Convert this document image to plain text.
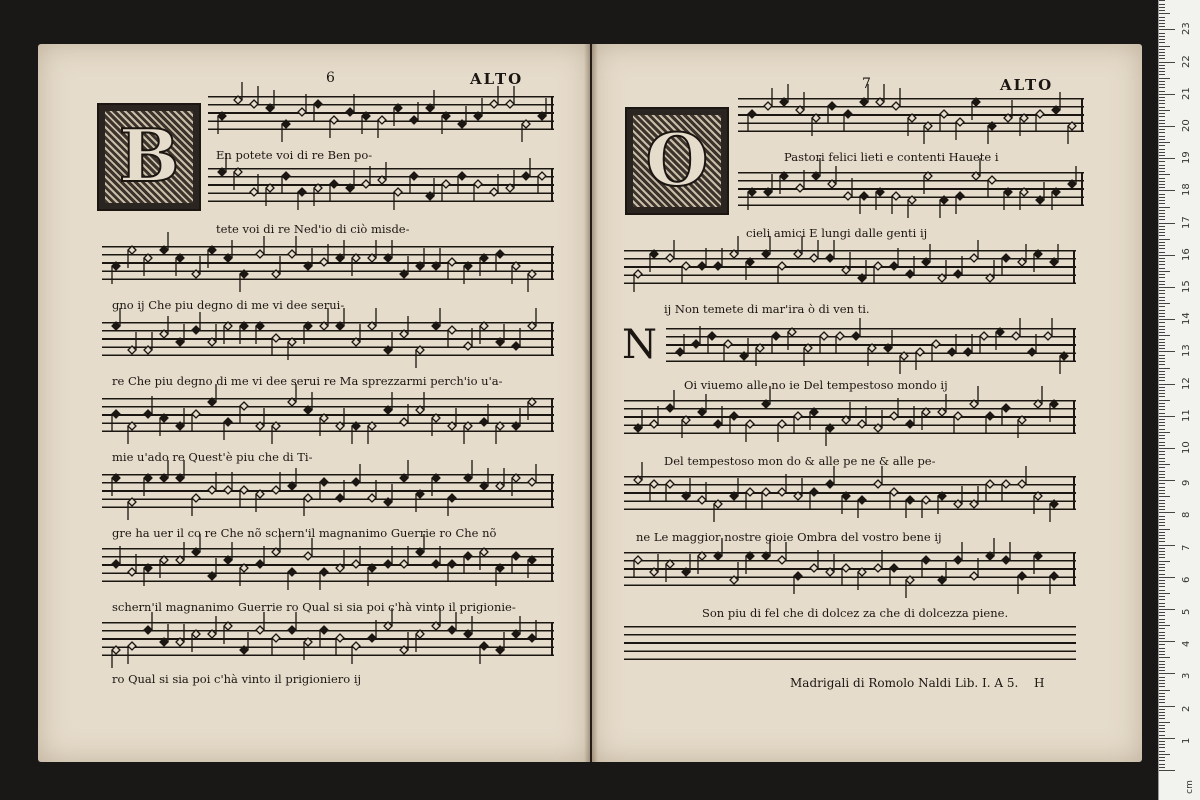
6	ALTO
B	En potete voi di re Ben po-
tete voi di re Ned'io di ciò misde-
gno ij Che piu degno di me vi dee serui-
re Che piu degno di me vi dee serui re Ma sprezzarmi perch'io u'a-
mie u'ado re Quest'è piu che di Ti-
gre ha uer il co re Che nõ schern'il magnanimo Guerrie ro Che nõ
schern'il magnanimo Guerrie ro Qual si sia poi c'hà vinto il prigionie-
ro Qual si sia poi c'hà vinto il prigioniero ij
7	ALTO
O
N
Pastori felici lieti e contenti Hauete i
cieli amici E lungi dalle genti ij
ij Non temete di mar'ira ò di ven ti.
Oi viuemo alle no ie Del tempestoso mondo ij
Del tempestoso mon do & alle pe ne & alle pe-
ne Le maggior nostre gioie Ombra del vostro bene ij
Son piu di fel che di dolcez za che di dolcezza piene.
Madrigali di Romolo Naldi Lib. I. A 5. H
cm
1
2
3
4
5
6
7
8
9
10
11
12
13
14
15
16
17
18
19
20
21
22
23
